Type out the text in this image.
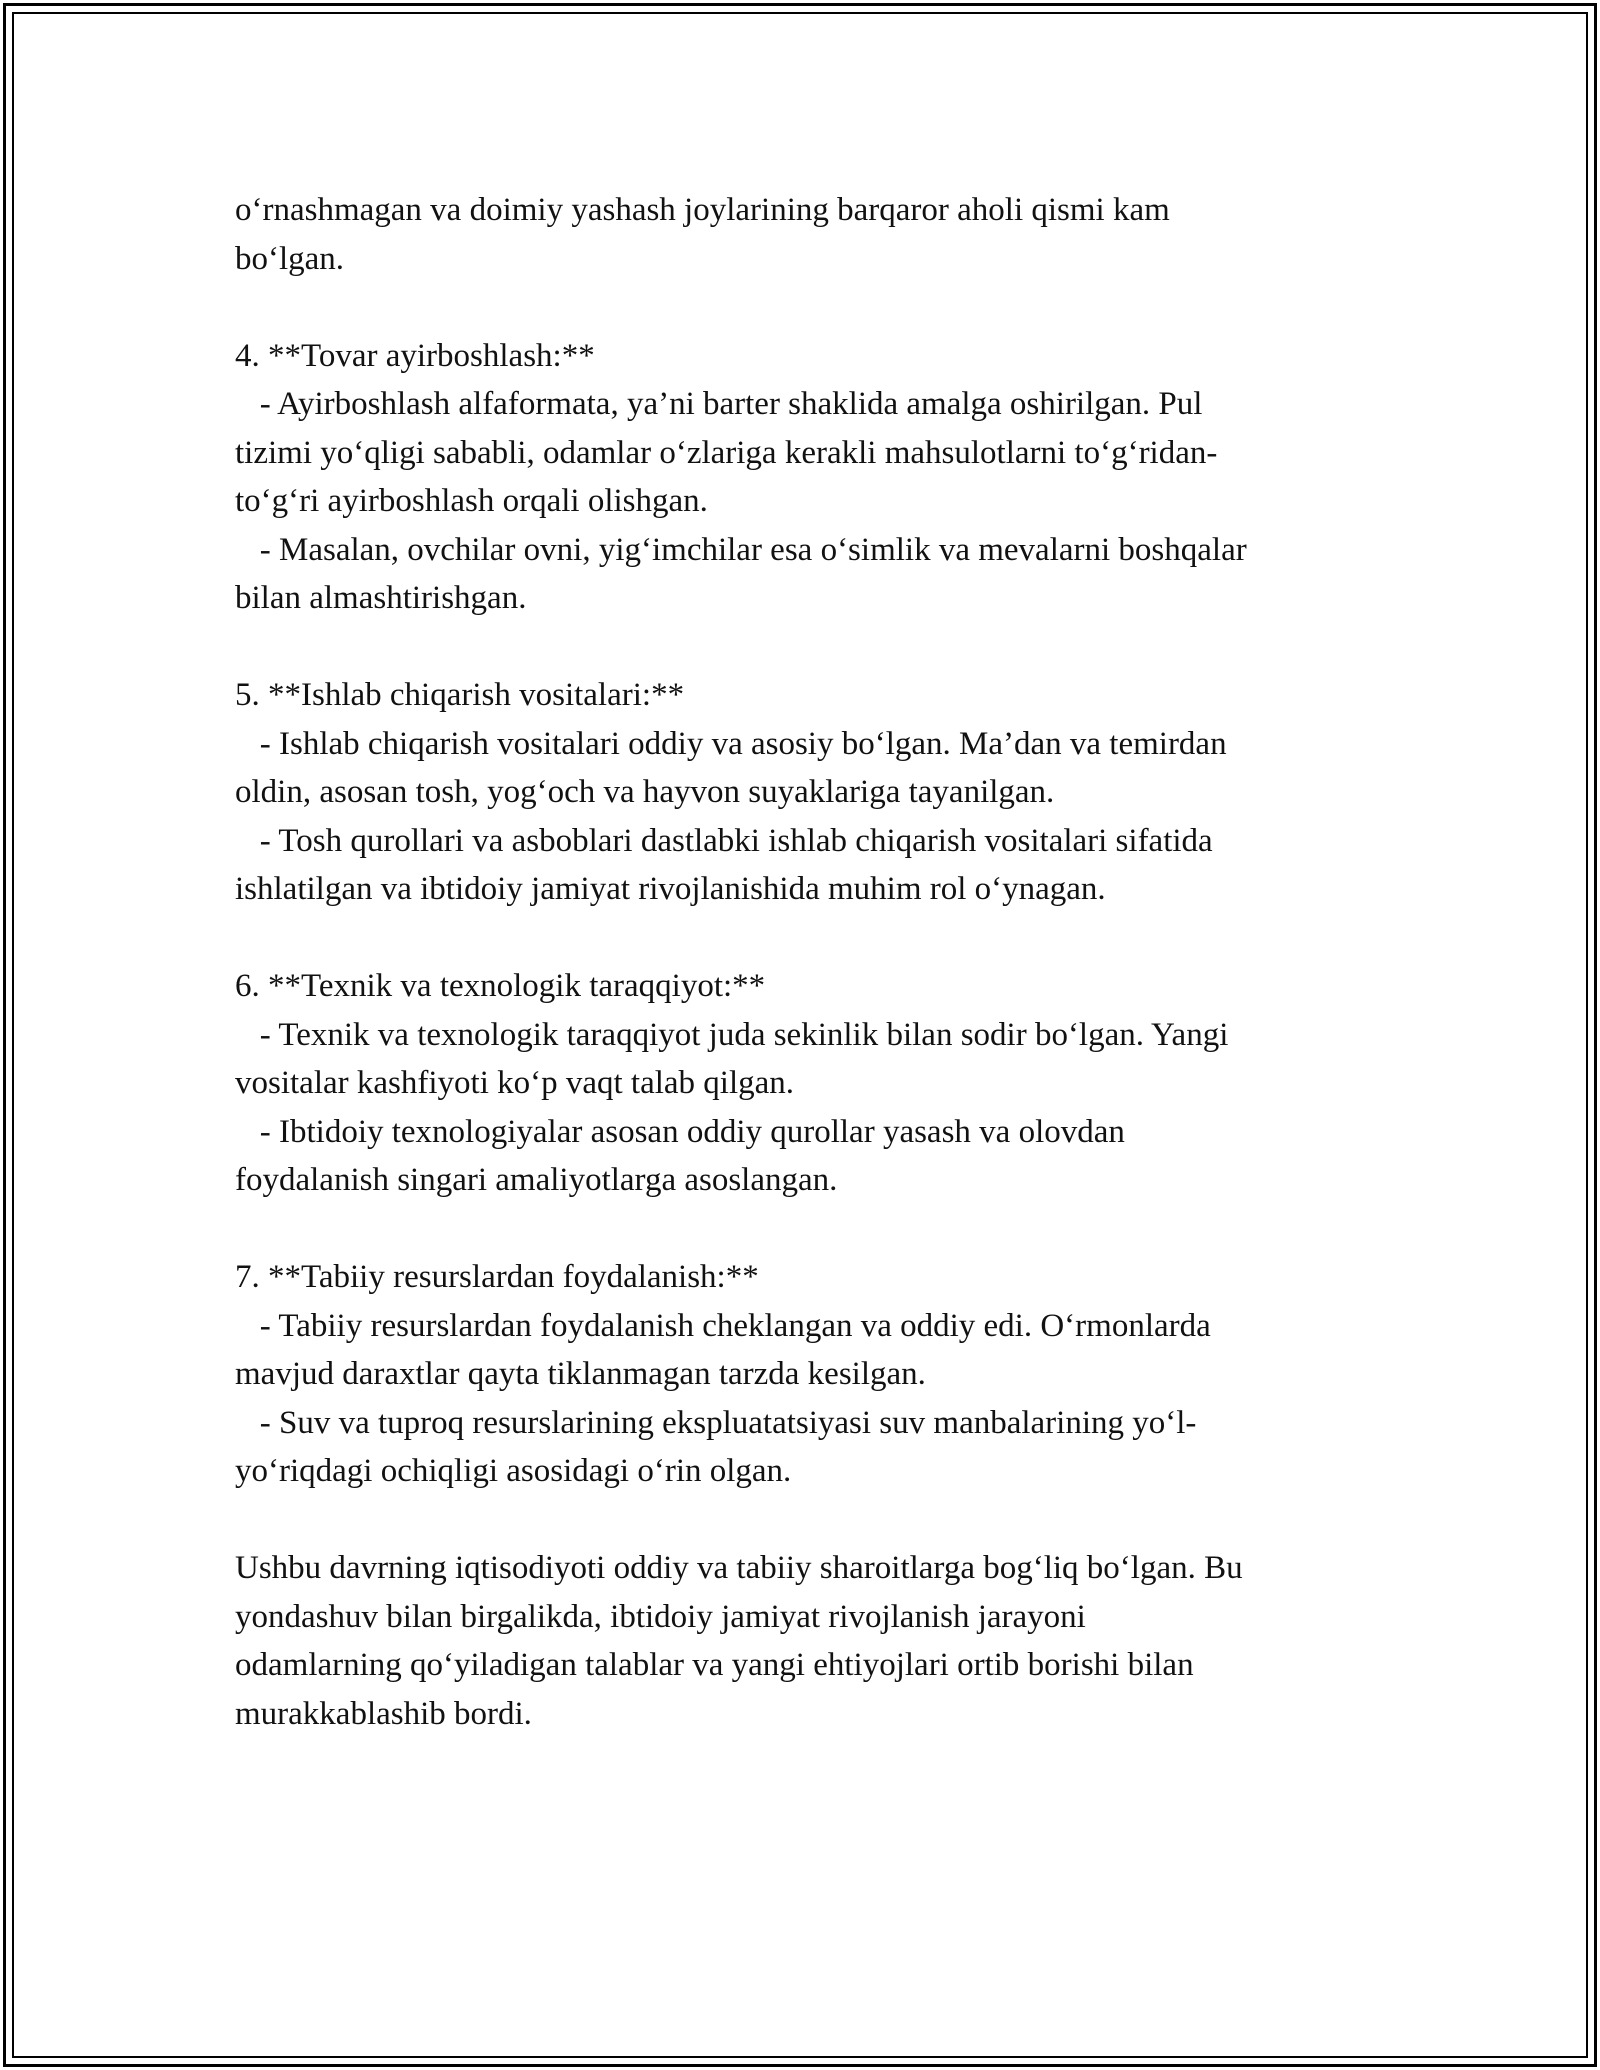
oʻrnashmagan va doimiy yashash joylarining barqaror aholi qismi kam
boʻlgan.
4. **Tovar ayirboshlash:**
- Ayirboshlash alfaformata, ya’ni barter shaklida amalga oshirilgan. Pul
tizimi yoʻqligi sababli, odamlar oʻzlariga kerakli mahsulotlarni toʻgʻridan-
toʻgʻri ayirboshlash orqali olishgan.
- Masalan, ovchilar ovni, yigʻimchilar esa oʻsimlik va mevalarni boshqalar
bilan almashtirishgan.
5. **Ishlab chiqarish vositalari:**
- Ishlab chiqarish vositalari oddiy va asosiy boʻlgan. Ma’dan va temirdan
oldin, asosan tosh, yogʻoch va hayvon suyaklariga tayanilgan.
- Tosh qurollari va asboblari dastlabki ishlab chiqarish vositalari sifatida
ishlatilgan va ibtidoiy jamiyat rivojlanishida muhim rol oʻynagan.
6. **Texnik va texnologik taraqqiyot:**
- Texnik va texnologik taraqqiyot juda sekinlik bilan sodir boʻlgan. Yangi
vositalar kashfiyoti koʻp vaqt talab qilgan.
- Ibtidoiy texnologiyalar asosan oddiy qurollar yasash va olovdan
foydalanish singari amaliyotlarga asoslangan.
7. **Tabiiy resurslardan foydalanish:**
- Tabiiy resurslardan foydalanish cheklangan va oddiy edi. Oʻrmonlarda
mavjud daraxtlar qayta tiklanmagan tarzda kesilgan.
- Suv va tuproq resurslarining ekspluatatsiyasi suv manbalarining yoʻl-
yoʻriqdagi ochiqligi asosidagi oʻrin olgan.
Ushbu davrning iqtisodiyoti oddiy va tabiiy sharoitlarga bogʻliq boʻlgan. Bu
yondashuv bilan birgalikda, ibtidoiy jamiyat rivojlanish jarayoni
odamlarning qoʻyiladigan talablar va yangi ehtiyojlari ortib borishi bilan
murakkablashib bordi.
